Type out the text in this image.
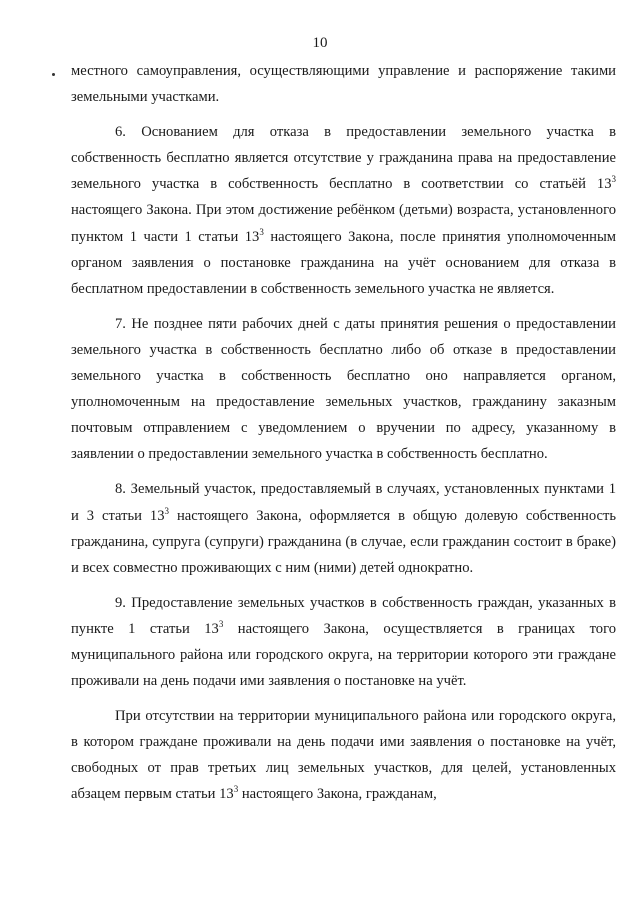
10

местного самоуправления, осуществляющими управление и распоряжение такими земельными участками.

6. Основанием для отказа в предоставлении земельного участка в собственность бесплатно является отсутствие у гражданина права на предоставление земельного участка в собственность бесплатно в соответствии со статьёй $13^3$ настоящего Закона. При этом достижение ребёнком (детьми) возраста, установленного пунктом 1 части 1 статьи $13^3$ настоящего Закона, после принятия уполномоченным органом заявления о постановке гражданина на учёт основанием для отказа в бесплатном предоставлении в собственность земельного участка не является.

7. Не позднее пяти рабочих дней с даты принятия решения о предоставлении земельного участка в собственность бесплатно либо об отказе в предоставлении земельного участка в собственность бесплатно оно направляется органом, уполномоченным на предоставление земельных участков, гражданину заказным почтовым отправлением с уведомлением о вручении по адресу, указанному в заявлении о предоставлении земельного участка в собственность бесплатно.

8. Земельный участок, предоставляемый в случаях, установленных пунктами 1 и 3 статьи $13^3$ настоящего Закона, оформляется в общую долевую собственность гражданина, супруга (супруги) гражданина (в случае, если гражданин состоит в браке) и всех совместно проживающих с ним (ними) детей однократно.

9. Предоставление земельных участков в собственность граждан, указанных в пункте 1 статьи $13^3$ настоящего Закона, осуществляется в границах того муниципального района или городского округа, на территории которого эти граждане проживали на день подачи ими заявления о постановке на учёт.

При отсутствии на территории муниципального района или городского округа, в котором граждане проживали на день подачи ими заявления о постановке на учёт, свободных от прав третьих лиц земельных участков, для целей, установленных абзацем первым статьи $13^3$ настоящего Закона, гражданам,
